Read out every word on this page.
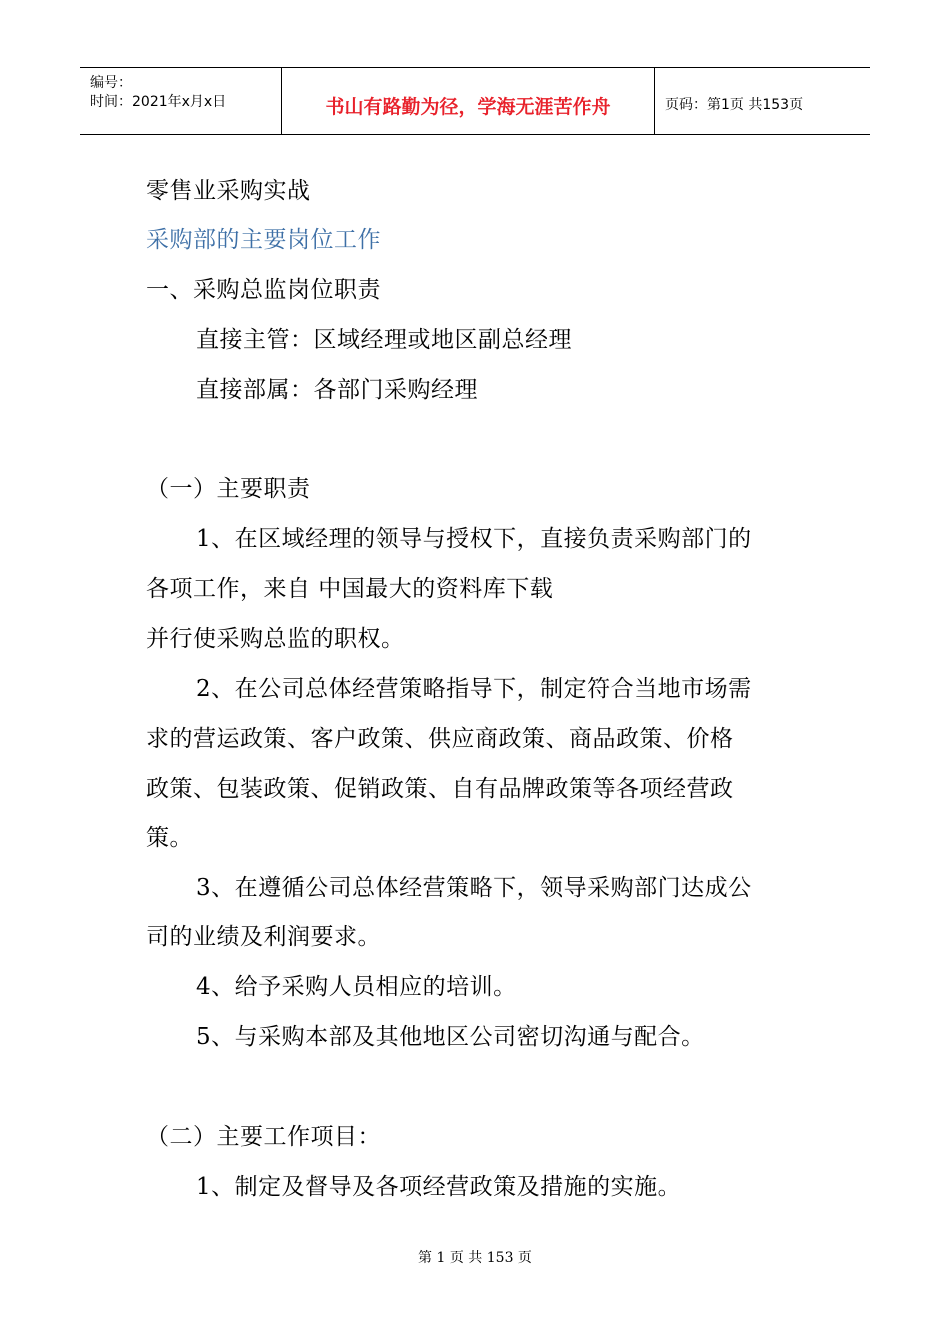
编号：
时间：2021年x月x日	书山有路勤为径，学海无涯苦作舟	页码：第1页 共153页
零售业采购实战
采购部的主要岗位工作
一、采购总监岗位职责
直接主管：区域经理或地区副总经理
直接部属：各部门采购经理
（一）主要职责
1、在区域经理的领导与授权下，直接负责采购部门的
各项工作，来自 中国最大的资料库下载
并行使采购总监的职权。
2、在公司总体经营策略指导下，制定符合当地市场需
求的营运政策、客户政策、供应商政策、商品政策、价格
政策、包装政策、促销政策、自有品牌政策等各项经营政
策。
3、在遵循公司总体经营策略下，领导采购部门达成公
司的业绩及利润要求。
4、给予采购人员相应的培训。
5、与采购本部及其他地区公司密切沟通与配合。
（二）主要工作项目：
1、制定及督导及各项经营政策及措施的实施。
第 1 页 共 153 页
